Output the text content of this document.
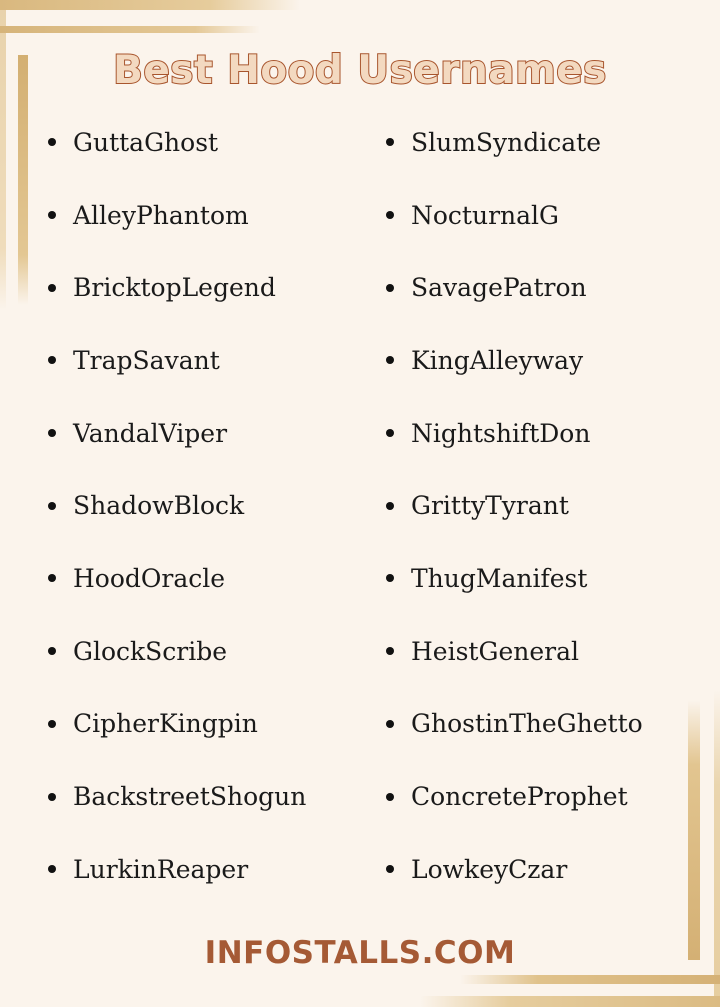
Best Hood Usernames
GuttaGhost
AlleyPhantom
BricktopLegend
TrapSavant
VandalViper
ShadowBlock
HoodOracle
GlockScribe
CipherKingpin
BackstreetShogun
LurkinReaper
SlumSyndicate
NocturnalG
SavagePatron
KingAlleyway
NightshiftDon
GrittyTyrant
ThugManifest
HeistGeneral
GhostinTheGhetto
ConcreteProphet
LowkeyCzar
INFOSTALLS.COM
